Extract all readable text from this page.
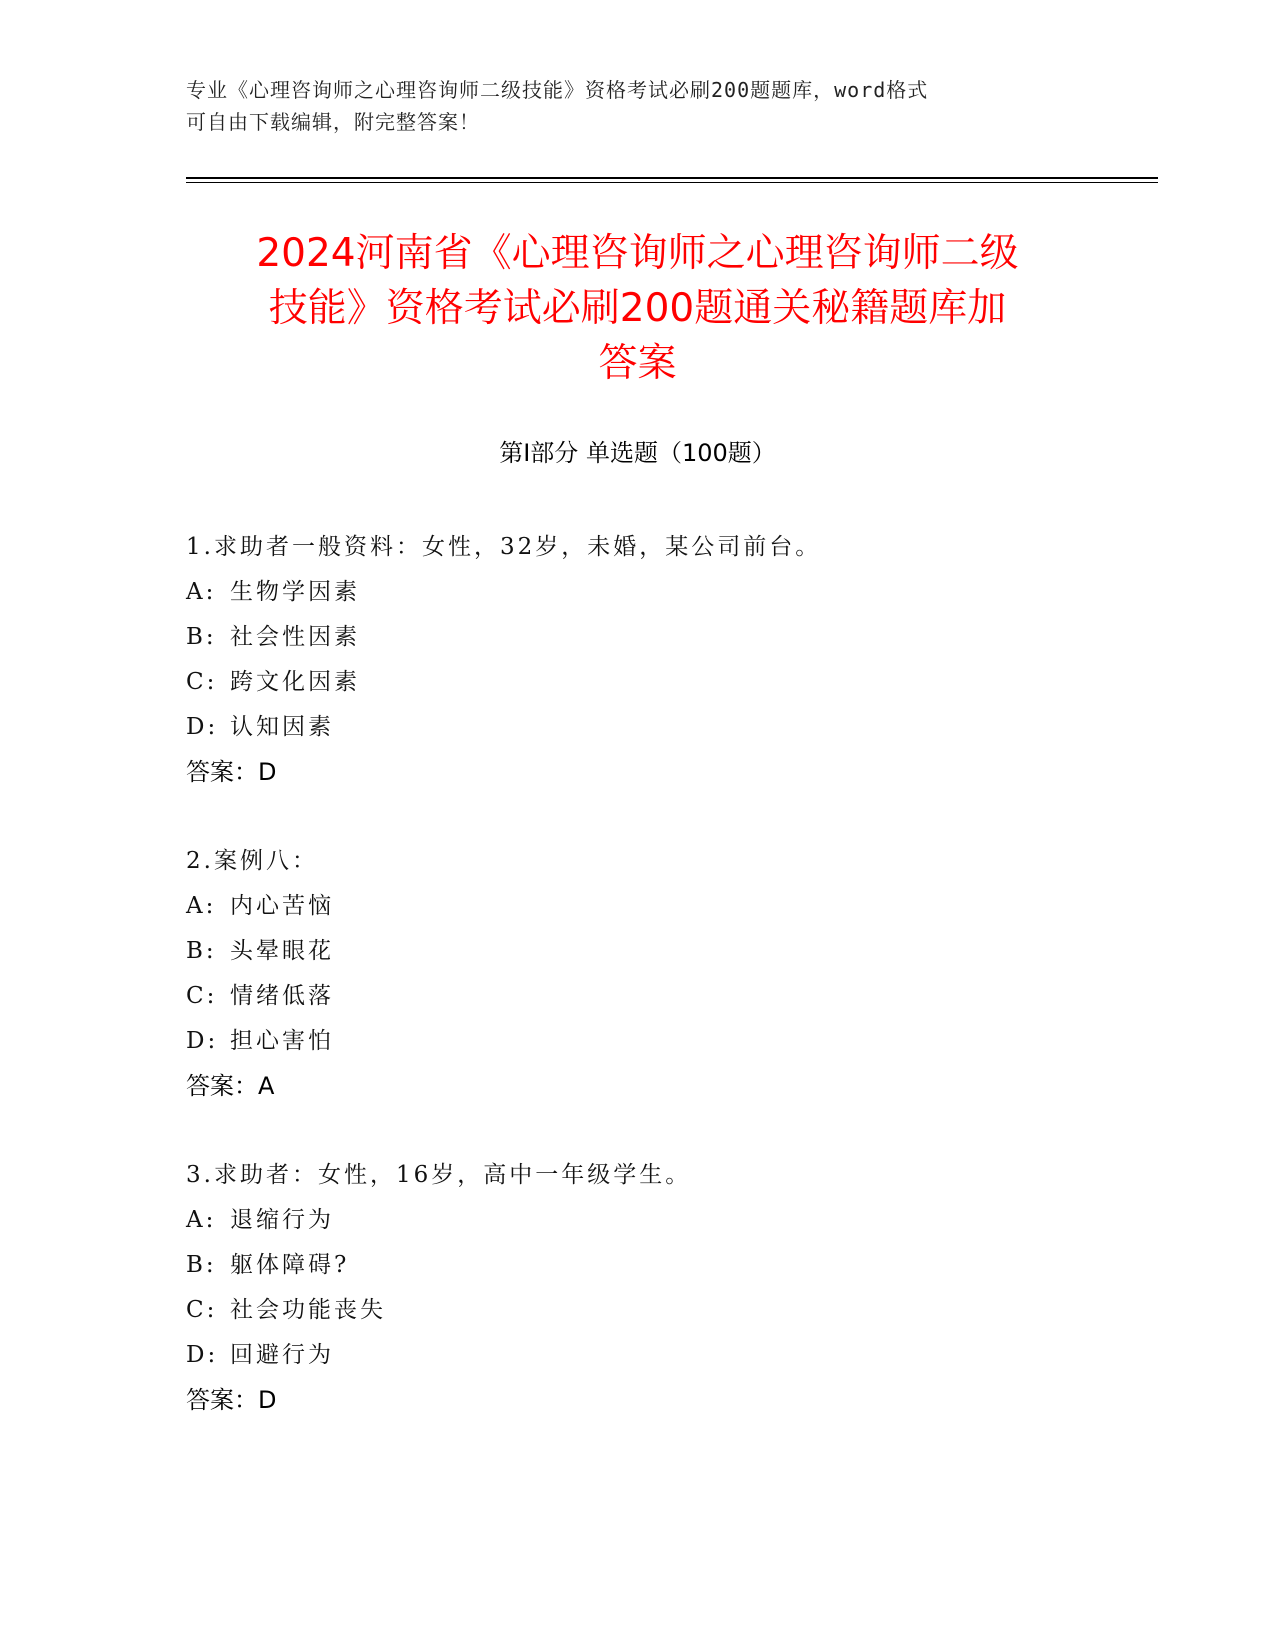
专业《心理咨询师之心理咨询师二级技能》资格考试必刷200题题库，word格式
可自由下载编辑，附完整答案！
2024河南省《心理咨询师之心理咨询师二级
技能》资格考试必刷200题通关秘籍题库加
答案
第Ⅰ部分 单选题（100题）
1.求助者一般资料：女性，32岁，未婚，某公司前台。
A: 生物学因素
B: 社会性因素
C: 跨文化因素
D: 认知因素
答案：D
2.案例八：
A: 内心苦恼
B: 头晕眼花
C: 情绪低落
D: 担心害怕
答案：A
3.求助者：女性，16岁，高中一年级学生。
A: 退缩行为
B: 躯体障碍?
C: 社会功能丧失
D: 回避行为
答案：D
